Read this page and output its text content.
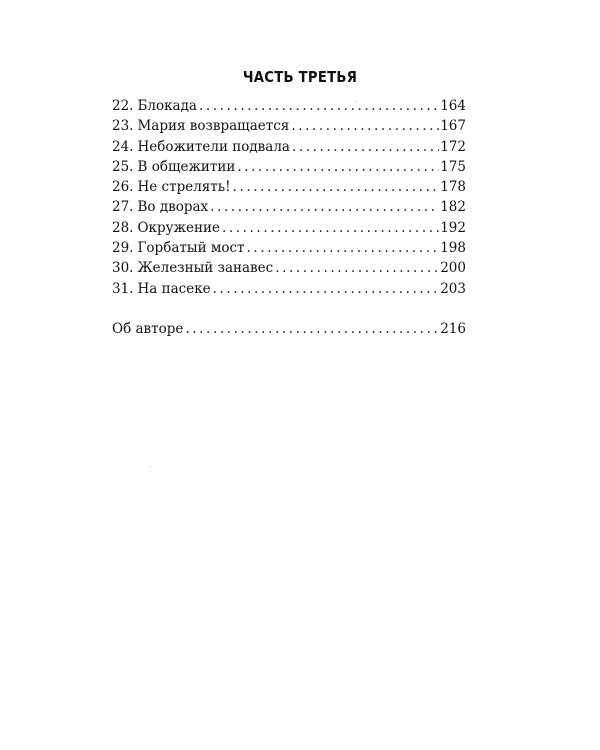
ЧАСТЬ ТРЕТЬЯ
22. Блокада .....	164
23. Мария возвращается .....	167
24. Небожители подвала .....	172
25. В общежитии .....	175
26. Не стрелять! .....	178
27. Во дворах .....	182
28. Окружение .....	192
29. Горбатый мост .....	198
30. Железный занавес .....	200
31. На пасеке .....	203
Об авторе .....	216
